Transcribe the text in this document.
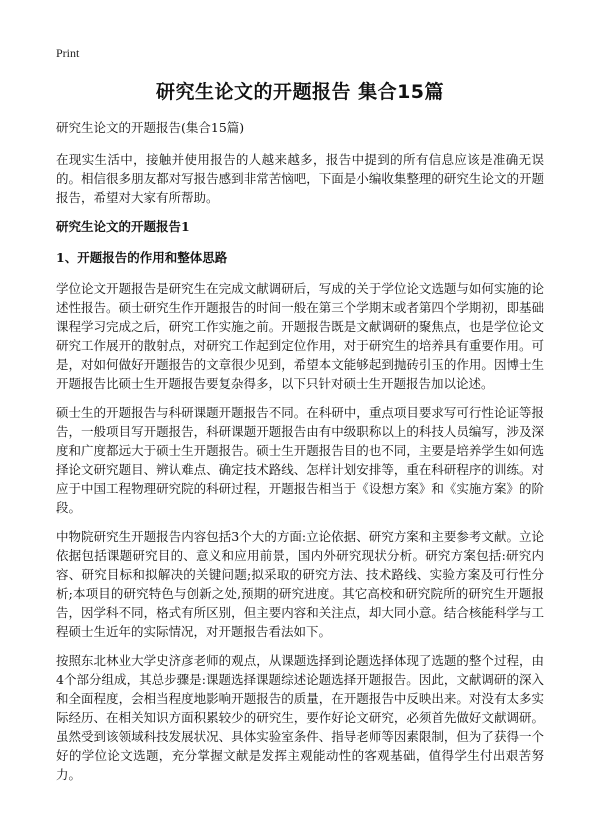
Print
研究生论文的开题报告 集合15篇

研究生论文的开题报告(集合15篇)

在现实生活中，接触并使用报告的人越来越多，报告中提到的所有信息应该是准确无误的。相信很多朋友都对写报告感到非常苦恼吧，下面是小编收集整理的研究生论文的开题报告，希望对大家有所帮助。

研究生论文的开题报告1

1、开题报告的作用和整体思路

学位论文开题报告是研究生在完成文献调研后，写成的关于学位论文选题与如何实施的论述性报告。硕士研究生作开题报告的时间一般在第三个学期末或者第四个学期初，即基础课程学习完成之后，研究工作实施之前。开题报告既是文献调研的聚焦点，也是学位论文研究工作展开的散射点，对研究工作起到定位作用，对于研究生的培养具有重要作用。可是，对如何做好开题报告的文章很少见到，希望本文能够起到抛砖引玉的作用。因博士生开题报告比硕士生开题报告要复杂得多，以下只针对硕士生开题报告加以论述。

硕士生的开题报告与科研课题开题报告不同。在科研中，重点项目要求写可行性论证等报告，一般项目写开题报告，科研课题开题报告由有中级职称以上的科技人员编写，涉及深度和广度都远大于硕士生开题报告。硕士生开题报告目的也不同，主要是培养学生如何选择论文研究题目、辨认难点、确定技术路线、怎样计划安排等，重在科研程序的训练。对应于中国工程物理研究院的科研过程，开题报告相当于《设想方案》和《实施方案》的阶段。

中物院研究生开题报告内容包括3个大的方面:立论依据、研究方案和主要参考文献。立论依据包括课题研究目的、意义和应用前景，国内外研究现状分析。研究方案包括:研究内容、研究目标和拟解决的关键问题;拟采取的研究方法、技术路线、实验方案及可行性分析;本项目的研究特色与创新之处,预期的研究进度。其它高校和研究院所的研究生开题报告，因学科不同，格式有所区别，但主要内容和关注点，却大同小意。结合核能科学与工程硕士生近年的实际情况，对开题报告看法如下。

按照东北林业大学史济彦老师的观点，从课题选择到论题选择体现了选题的整个过程，由4个部分组成，其总步骤是:课题选择课题综述论题选择开题报告。因此，文献调研的深入和全面程度，会相当程度地影响开题报告的质量，在开题报告中反映出来。对没有太多实际经历、在相关知识方面积累较少的研究生，要作好论文研究，必须首先做好文献调研。虽然受到该领域科技发展状况、具体实验室条件、指导老师等因素限制，但为了获得一个好的学位论文选题，充分掌握文献是发挥主观能动性的客观基础，值得学生付出艰苦努力。
